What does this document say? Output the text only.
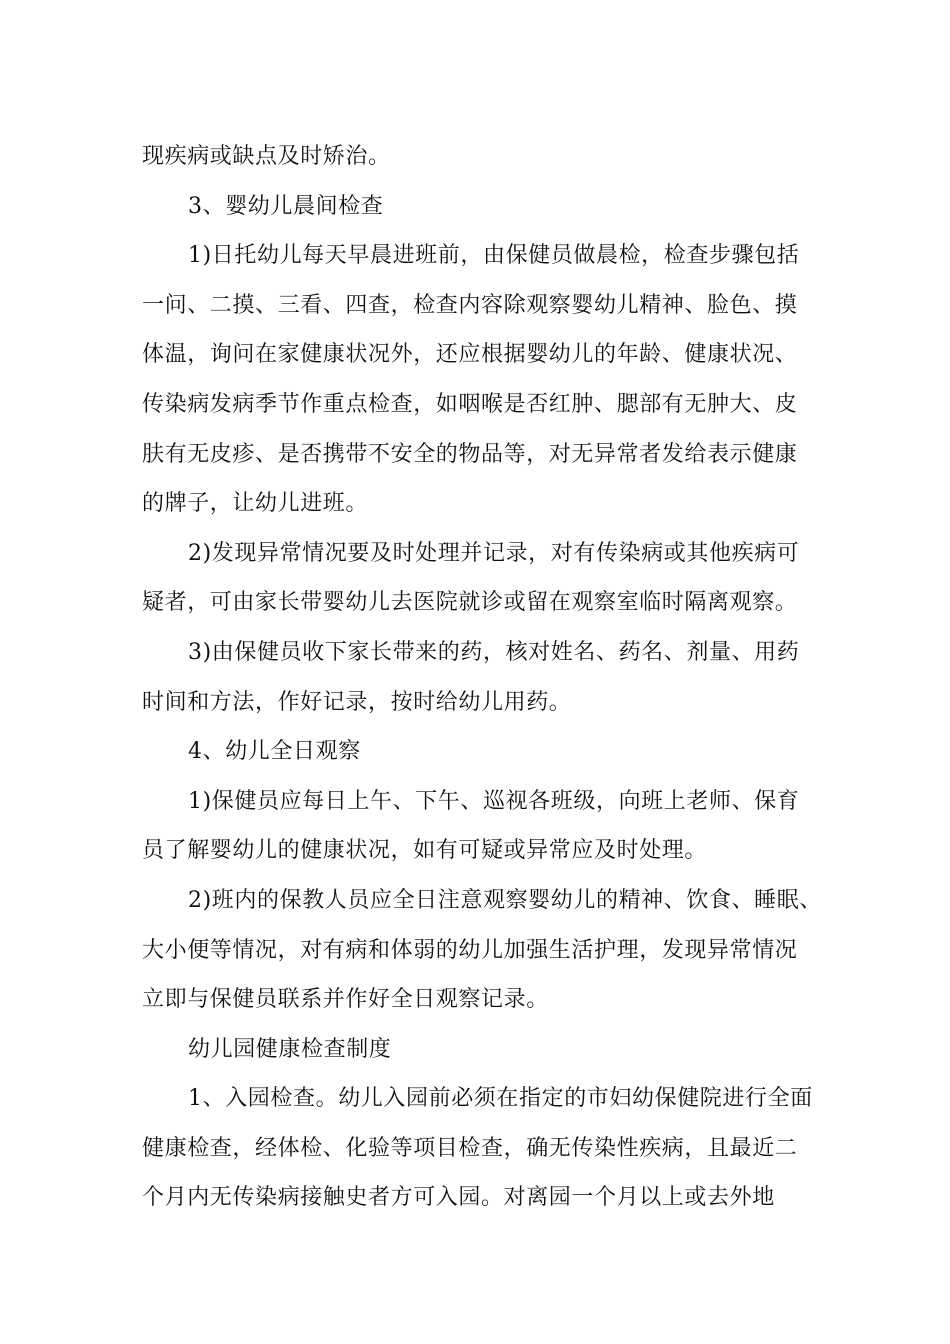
现疾病或缺点及时矫治。
3、婴幼儿晨间检查
1)日托幼儿每天早晨进班前，由保健员做晨检，检查步骤包括
一问、二摸、三看、四查，检查内容除观察婴幼儿精神、脸色、摸
体温，询问在家健康状况外，还应根据婴幼儿的年龄、健康状况、
传染病发病季节作重点检查，如咽喉是否红肿、腮部有无肿大、皮
肤有无皮疹、是否携带不安全的物品等，对无异常者发给表示健康
的牌子，让幼儿进班。
2)发现异常情况要及时处理并记录，对有传染病或其他疾病可
疑者，可由家长带婴幼儿去医院就诊或留在观察室临时隔离观察。
3)由保健员收下家长带来的药，核对姓名、药名、剂量、用药
时间和方法，作好记录，按时给幼儿用药。
4、幼儿全日观察
1)保健员应每日上午、下午、巡视各班级，向班上老师、保育
员了解婴幼儿的健康状况，如有可疑或异常应及时处理。
2)班内的保教人员应全日注意观察婴幼儿的精神、饮食、睡眠、
大小便等情况，对有病和体弱的幼儿加强生活护理，发现异常情况
立即与保健员联系并作好全日观察记录。
幼儿园健康检查制度
1、入园检查。幼儿入园前必须在指定的市妇幼保健院进行全面
健康检查，经体检、化验等项目检查，确无传染性疾病，且最近二
个月内无传染病接触史者方可入园。对离园一个月以上或去外地
